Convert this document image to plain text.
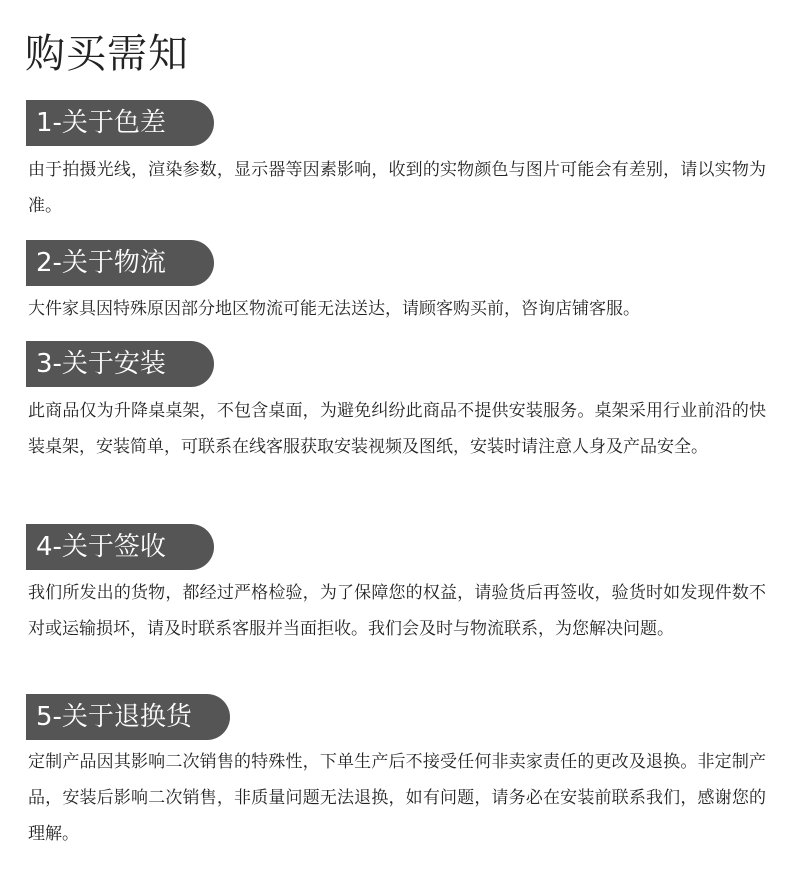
购买需知
1-关于色差
由于拍摄光线，渲染参数，显示器等因素影响，收到的实物颜色与图片可能会有差别，请以实物为准。
2-关于物流
大件家具因特殊原因部分地区物流可能无法送达，请顾客购买前，咨询店铺客服。
3-关于安装
此商品仅为升降桌桌架，不包含桌面，为避免纠纷此商品不提供安装服务。桌架采用行业前沿的快装桌架，安装简单，可联系在线客服获取安装视频及图纸，安装时请注意人身及产品安全。
4-关于签收
我们所发出的货物，都经过严格检验，为了保障您的权益，请验货后再签收，验货时如发现件数不对或运输损坏，请及时联系客服并当面拒收。我们会及时与物流联系，为您解决问题。
5-关于退换货
定制产品因其影响二次销售的特殊性，下单生产后不接受任何非卖家责任的更改及退换。非定制产品，安装后影响二次销售，非质量问题无法退换，如有问题，请务必在安装前联系我们，感谢您的理解。
